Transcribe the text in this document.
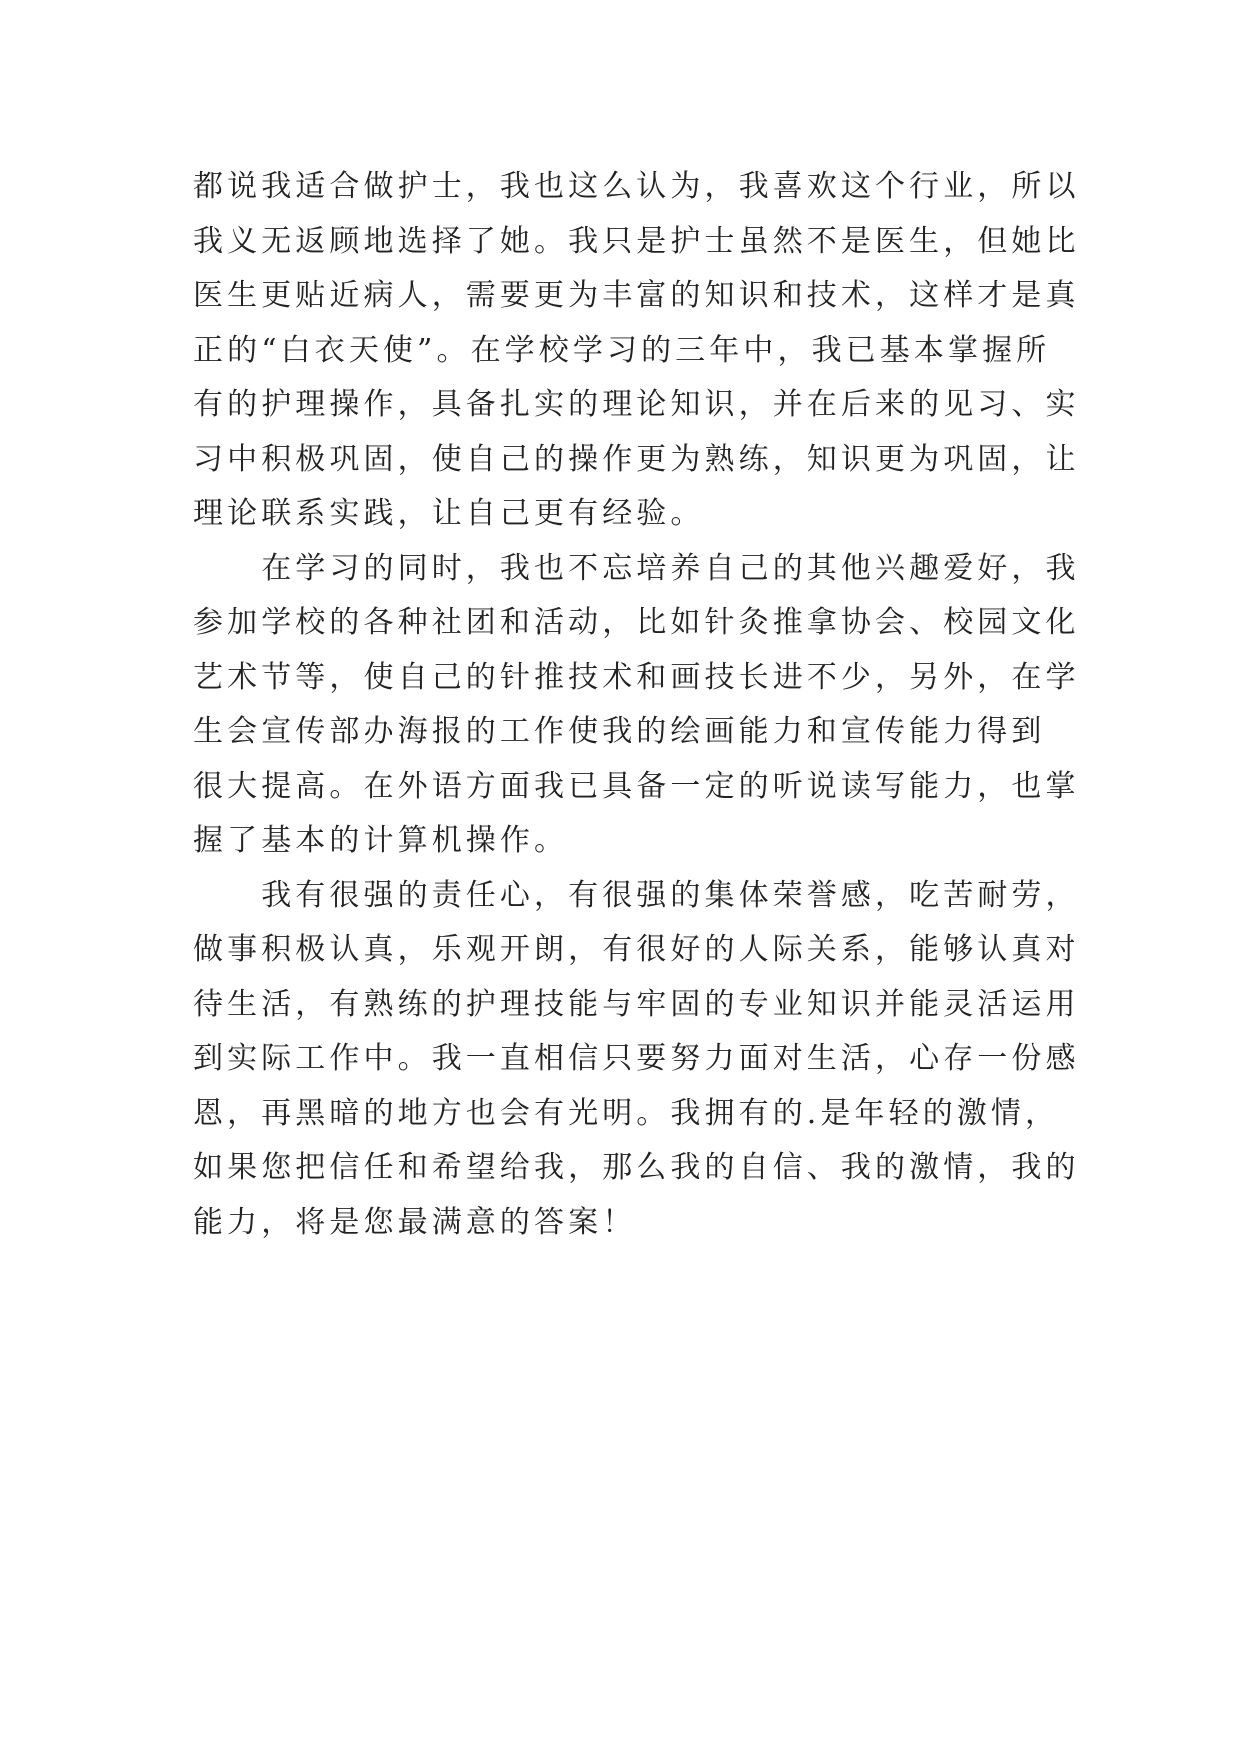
都说我适合做护士，我也这么认为，我喜欢这个行业，所以
我义无返顾地选择了她。我只是护士虽然不是医生，但她比
医生更贴近病人，需要更为丰富的知识和技术，这样才是真
正的“白衣天使”。在学校学习的三年中，我已基本掌握所
有的护理操作，具备扎实的理论知识，并在后来的见习、实
习中积极巩固，使自己的操作更为熟练，知识更为巩固，让
理论联系实践，让自己更有经验。
　　在学习的同时，我也不忘培养自己的其他兴趣爱好，我
参加学校的各种社团和活动，比如针灸推拿协会、校园文化
艺术节等，使自己的针推技术和画技长进不少，另外，在学
生会宣传部办海报的工作使我的绘画能力和宣传能力得到
很大提高。在外语方面我已具备一定的听说读写能力，也掌
握了基本的计算机操作。
　　我有很强的责任心，有很强的集体荣誉感，吃苦耐劳，
做事积极认真，乐观开朗，有很好的人际关系，能够认真对
待生活，有熟练的护理技能与牢固的专业知识并能灵活运用
到实际工作中。我一直相信只要努力面对生活，心存一份感
恩，再黑暗的地方也会有光明。我拥有的.是年轻的激情，
如果您把信任和希望给我，那么我的自信、我的激情，我的
能力，将是您最满意的答案！
